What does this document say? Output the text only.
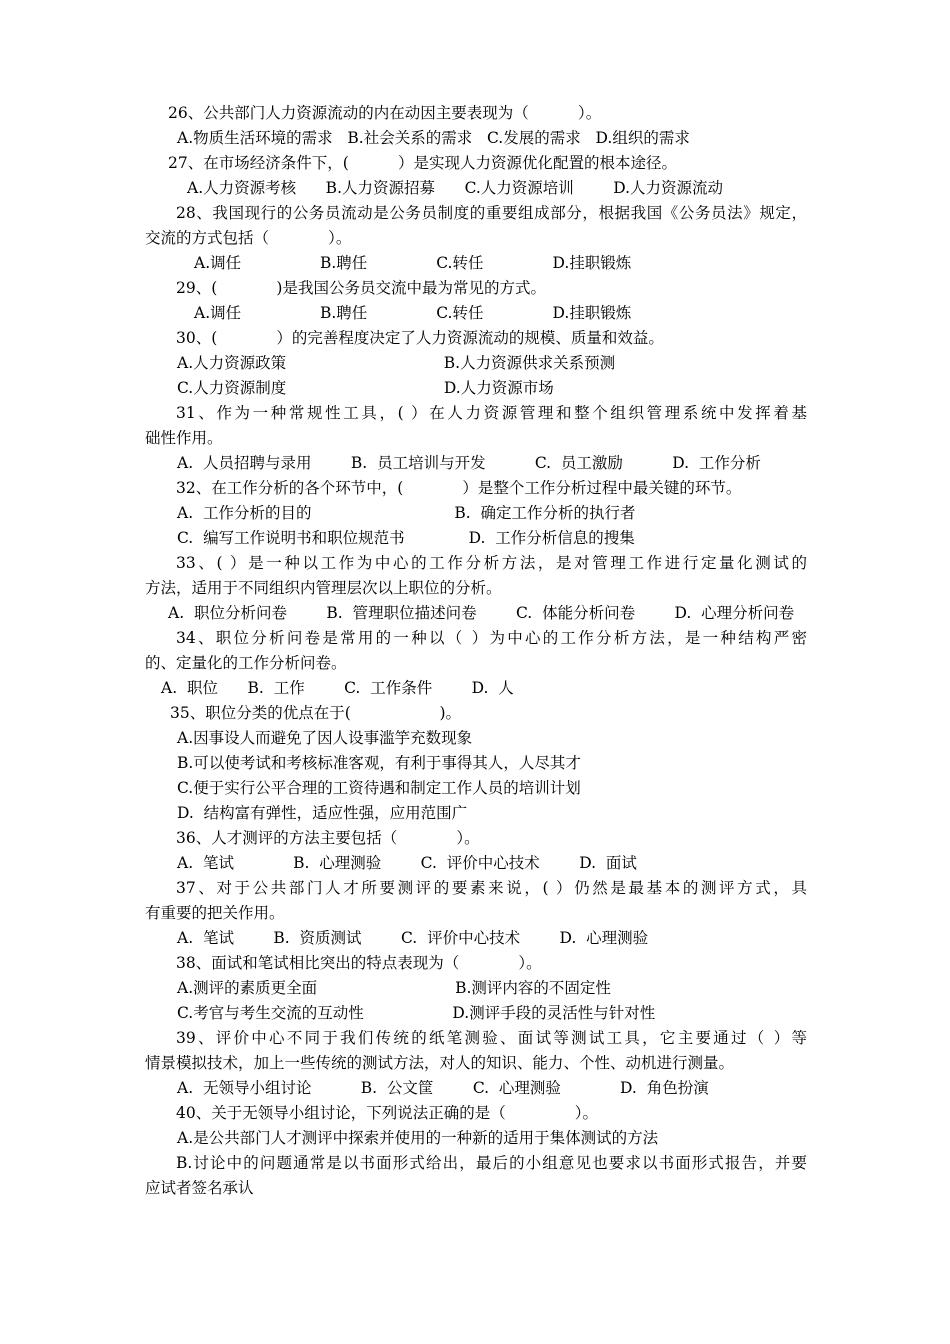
26、公共部门人力资源流动的内在动因主要表现为（          ）。
A.物质生活环境的需求   B.社会关系的需求   C.发展的需求   D.组织的需求
27、在市场经济条件下，(          ）是实现人力资源优化配置的根本途径。
A.人力资源考核      B.人力资源招募      C.人力资源培训        D.人力资源流动
28、我国现行的公务员流动是公务员制度的重要组成部分，根据我国《公务员法》规定，
交流的方式包括（            ）。
A.调任                B.聘任              C.转任              D.挂职锻炼
29、(            )是我国公务员交流中最为常见的方式。
A.调任                B.聘任              C.转任              D.挂职锻炼
30、(            ）的完善程度决定了人力资源流动的规模、质量和效益。
A.人力资源政策                                B.人力资源供求关系预测
C.人力资源制度                                D.人力资源市场
31、作为一种常规性工具，( ）在人力资源管理和整个组织管理系统中发挥着基
础性作用。
A.  人员招聘与录用        B.  员工培训与开发          C.  员工激励          D.  工作分析
32、在工作分析的各个环节中，(            ）是整个工作分析过程中最关键的环节。
A.  工作分析的目的                             B.  确定工作分析的执行者
C.  编写工作说明书和职位规范书             D.  工作分析信息的搜集
33、( ）是一种以工作为中心的工作分析方法，是对管理工作进行定量化测试的
方法，适用于不同组织内管理层次以上职位的分析。
A.  职位分析问卷        B.  管理职位描述问卷        C.  体能分析问卷        D.  心理分析问卷
34、职位分析问卷是常用的一种以（ ）为中心的工作分析方法，是一种结构严密
的、定量化的工作分析问卷。
A.  职位      B.  工作        C.  工作条件        D.  人
35、职位分类的优点在于(                  )。
A.因事设人而避免了因人设事滥竽充数现象
B.可以使考试和考核标准客观，有利于事得其人，人尽其才
C.便于实行公平合理的工资待遇和制定工作人员的培训计划
D.  结构富有弹性，适应性强，应用范围广
36、人才测评的方法主要包括（            ）。
A.  笔试            B.  心理测验        C.  评价中心技术        D.  面试
37、对于公共部门人才所要测评的要素来说，( ）仍然是最基本的测评方式，具
有重要的把关作用。
A.  笔试        B.  资质测试        C.  评价中心技术        D.  心理测验
38、面试和笔试相比突出的特点表现为（            ）。
A.测评的素质更全面                            B.测评内容的不固定性
C.考官与考生交流的互动性                  D.测评手段的灵活性与针对性
39、评价中心不同于我们传统的纸笔测验、面试等测试工具，它主要通过（ ）等
情景模拟技术，加上一些传统的测试方法，对人的知识、能力、个性、动机进行测量。
A.  无领导小组讨论          B.  公文筐        C.  心理测验            D.  角色扮演
40、关于无领导小组讨论，下列说法正确的是（              ）。
A.是公共部门人才测评中探索并使用的一种新的适用于集体测试的方法
B.讨论中的问题通常是以书面形式给出，最后的小组意见也要求以书面形式报告，并要
应试者签名承认
